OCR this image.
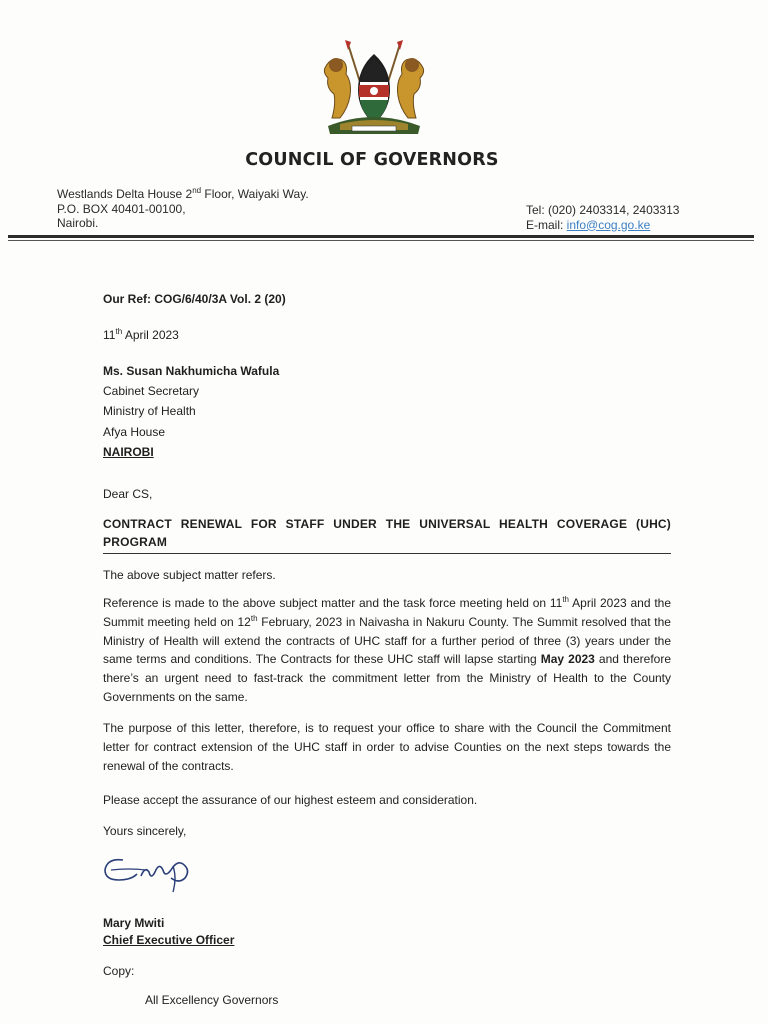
COUNCIL OF GOVERNORS
Westlands Delta House 2nd Floor, Waiyaki Way.
P.O. BOX 40401-00100,
Nairobi.
Tel: (020) 2403314, 2403313
E-mail: info@cog.go.ke
Our Ref: COG/6/40/3A Vol. 2 (20)
11th April 2023
Ms. Susan Nakhumicha Wafula
Cabinet Secretary
Ministry of Health
Afya House
NAIROBI
Dear CS,
CONTRACT RENEWAL FOR STAFF UNDER THE UNIVERSAL HEALTH COVERAGE (UHC) PROGRAM
The above subject matter refers.
Reference is made to the above subject matter and the task force meeting held on 11th April 2023 and the Summit meeting held on 12th February, 2023 in Naivasha in Nakuru County. The Summit resolved that the Ministry of Health will extend the contracts of UHC staff for a further period of three (3) years under the same terms and conditions. The Contracts for these UHC staff will lapse starting May 2023 and therefore there’s an urgent need to fast-track the commitment letter from the Ministry of Health to the County Governments on the same.
The purpose of this letter, therefore, is to request your office to share with the Council the Commitment letter for contract extension of the UHC staff in order to advise Counties on the next steps towards the renewal of the contracts.
Please accept the assurance of our highest esteem and consideration.
Yours sincerely,
Mary Mwiti
Chief Executive Officer
Copy:
All Excellency Governors
